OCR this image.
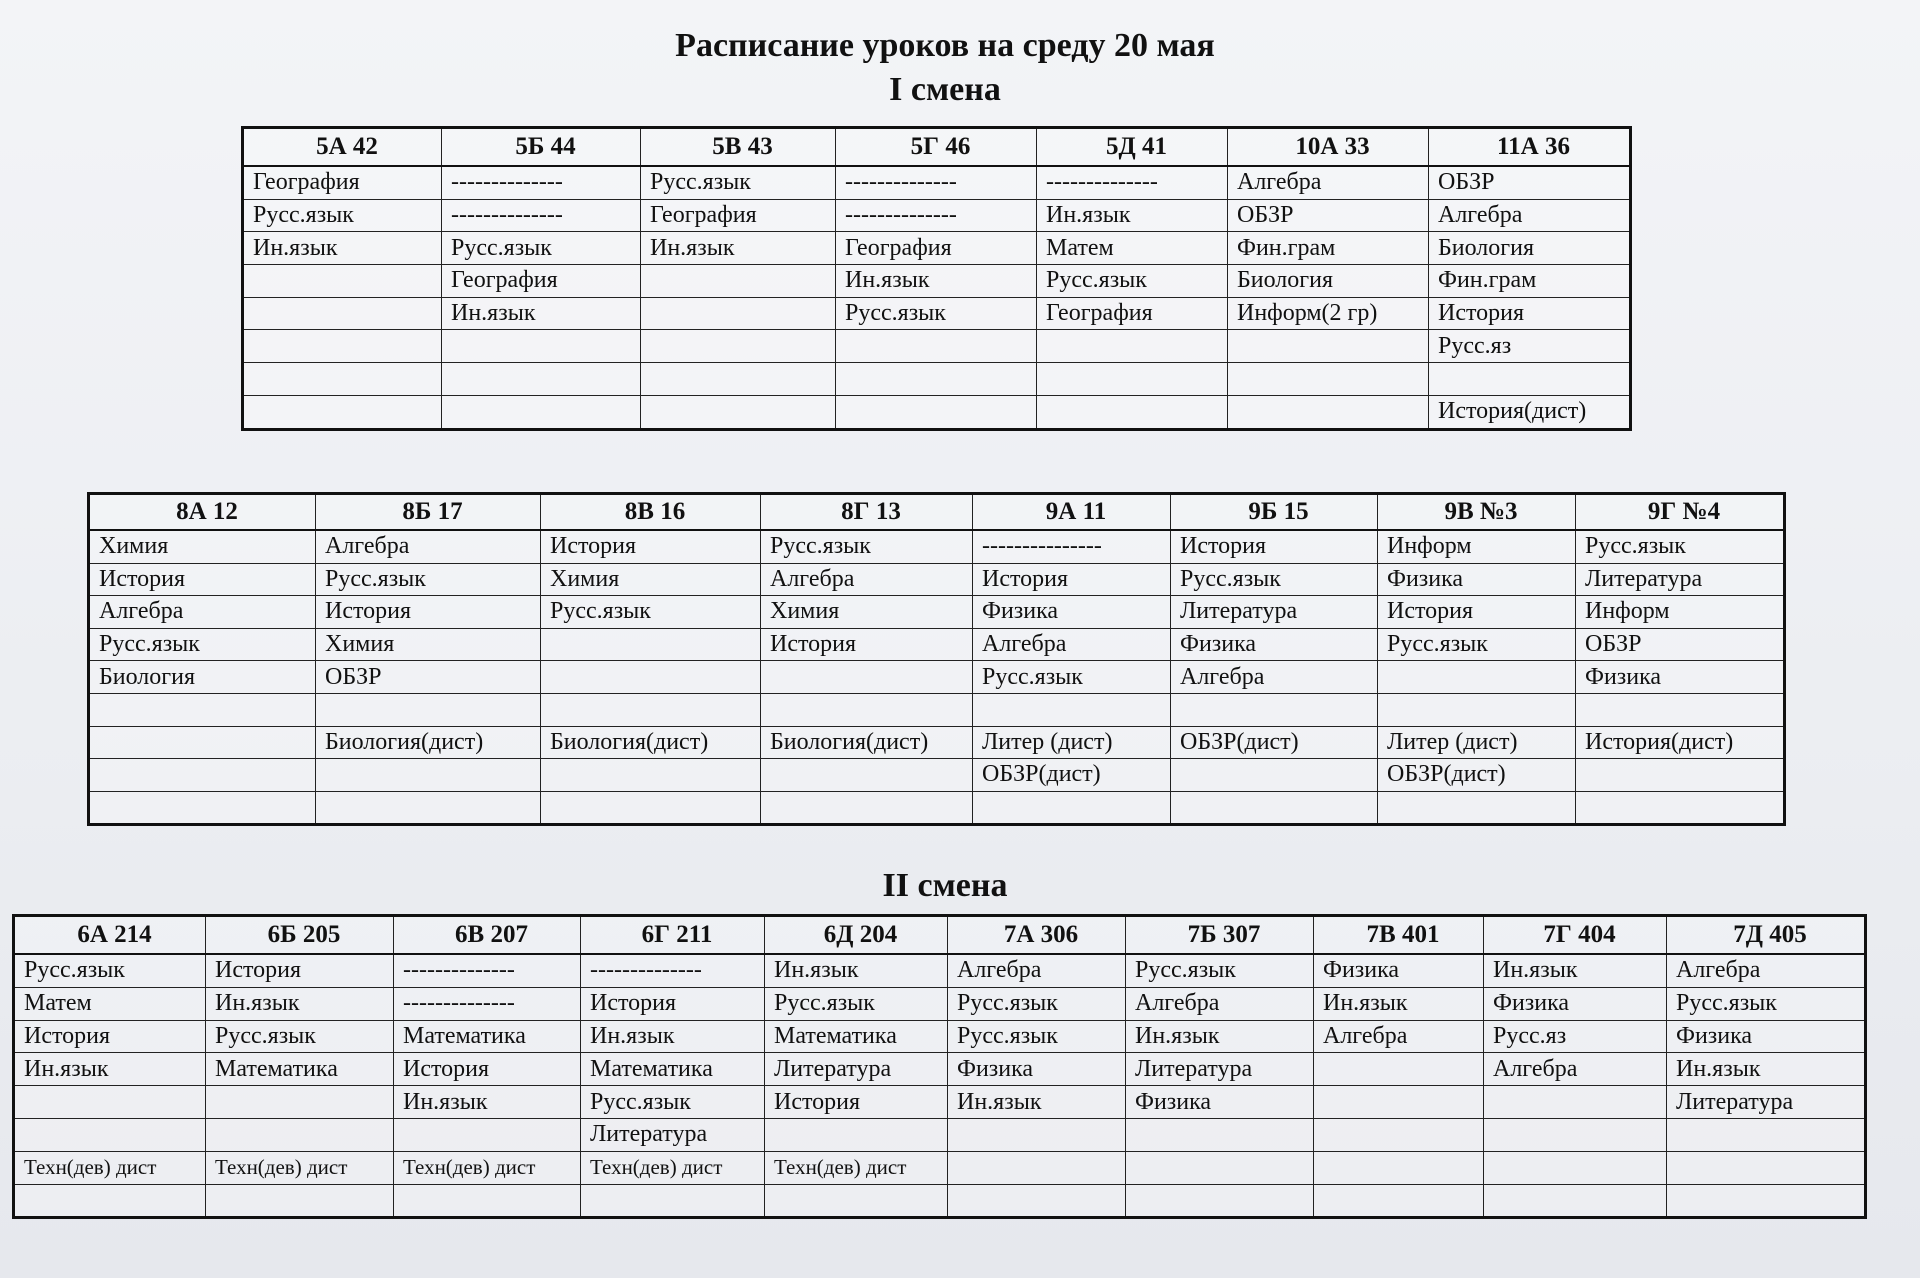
Расписание уроков на среду 20 мая
I смена
5А 42	5Б 44	5В 43	5Г 46	5Д 41	10А 33	11А 36
География	--------------	Русс.язык	--------------	--------------	Алгебра	ОБЗР
Русс.язык	--------------	География	--------------	Ин.язык	ОБЗР	Алгебра
Ин.язык	Русс.язык	Ин.язык	География	Матем	Фин.грам	Биология
	География		Ин.язык	Русс.язык	Биология	Фин.грам
	Ин.язык		Русс.язык	География	Информ(2 гр)	История
						Русс.яз

						История(дист)
8А 12	8Б 17	8В 16	8Г 13	9А 11	9Б 15	9В №3	9Г №4
Химия	Алгебра	История	Русс.язык	---------------	История	Информ	Русс.язык
История	Русс.язык	Химия	Алгебра	История	Русс.язык	Физика	Литература
Алгебра	История	Русс.язык	Химия	Физика	Литература	История	Информ
Русс.язык	Химия		История	Алгебра	Физика	Русс.язык	ОБЗР
Биология	ОБЗР			Русс.язык	Алгебра		Физика

	Биология(дист)	Биология(дист)	Биология(дист)	Литер (дист)	ОБЗР(дист)	Литер (дист)	История(дист)
				ОБЗР(дист)		ОБЗР(дист)	

II смена
6А 214	6Б 205	6В 207	6Г 211	6Д 204	7А 306	7Б 307	7В 401	7Г 404	7Д 405
Русс.язык	История	--------------	--------------	Ин.язык	Алгебра	Русс.язык	Физика	Ин.язык	Алгебра
Матем	Ин.язык	--------------	История	Русс.язык	Русс.язык	Алгебра	Ин.язык	Физика	Русс.язык
История	Русс.язык	Математика	Ин.язык	Математика	Русс.язык	Ин.язык	Алгебра	Русс.яз	Физика
Ин.язык	Математика	История	Математика	Литература	Физика	Литература		Алгебра	Ин.язык
		Ин.язык	Русс.язык	История	Ин.язык	Физика			Литература
			Литература						
Техн(дев) дист	Техн(дев) дист	Техн(дев) дист	Техн(дев) дист	Техн(дев) дист					
